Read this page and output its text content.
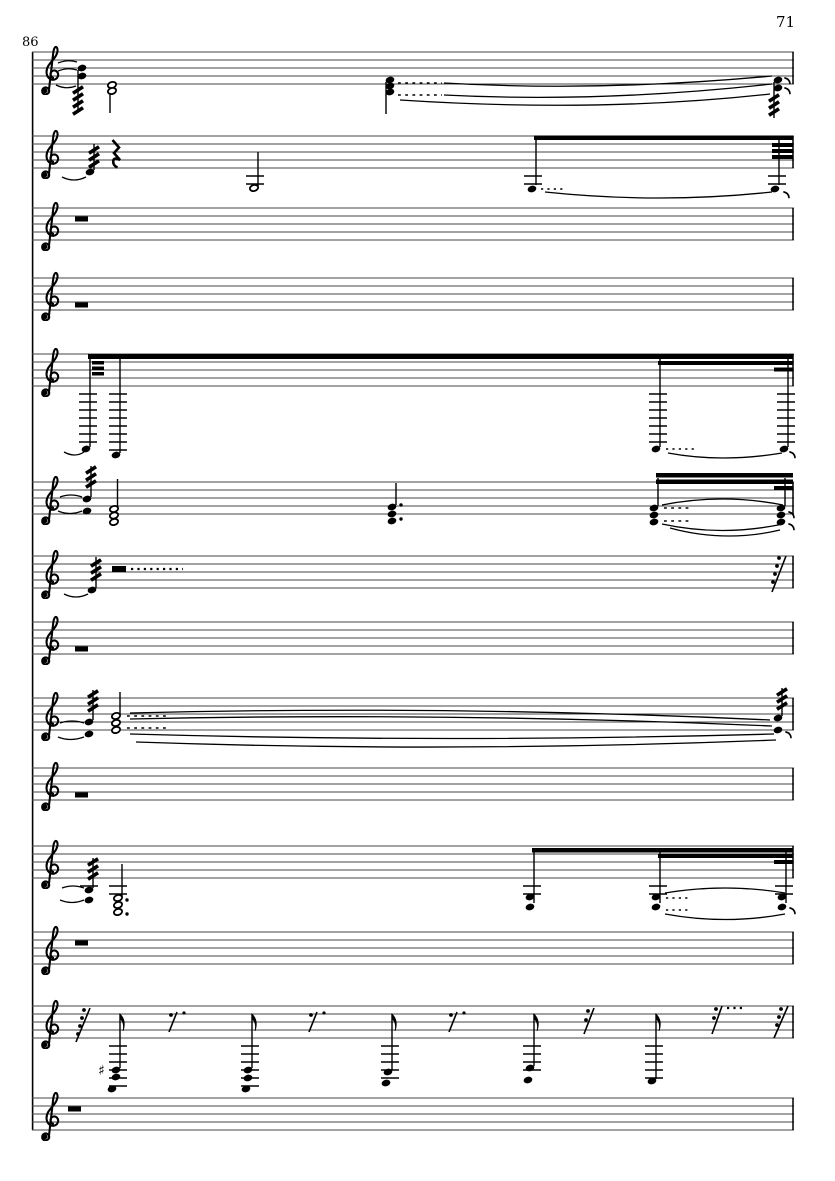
71
86
♯
